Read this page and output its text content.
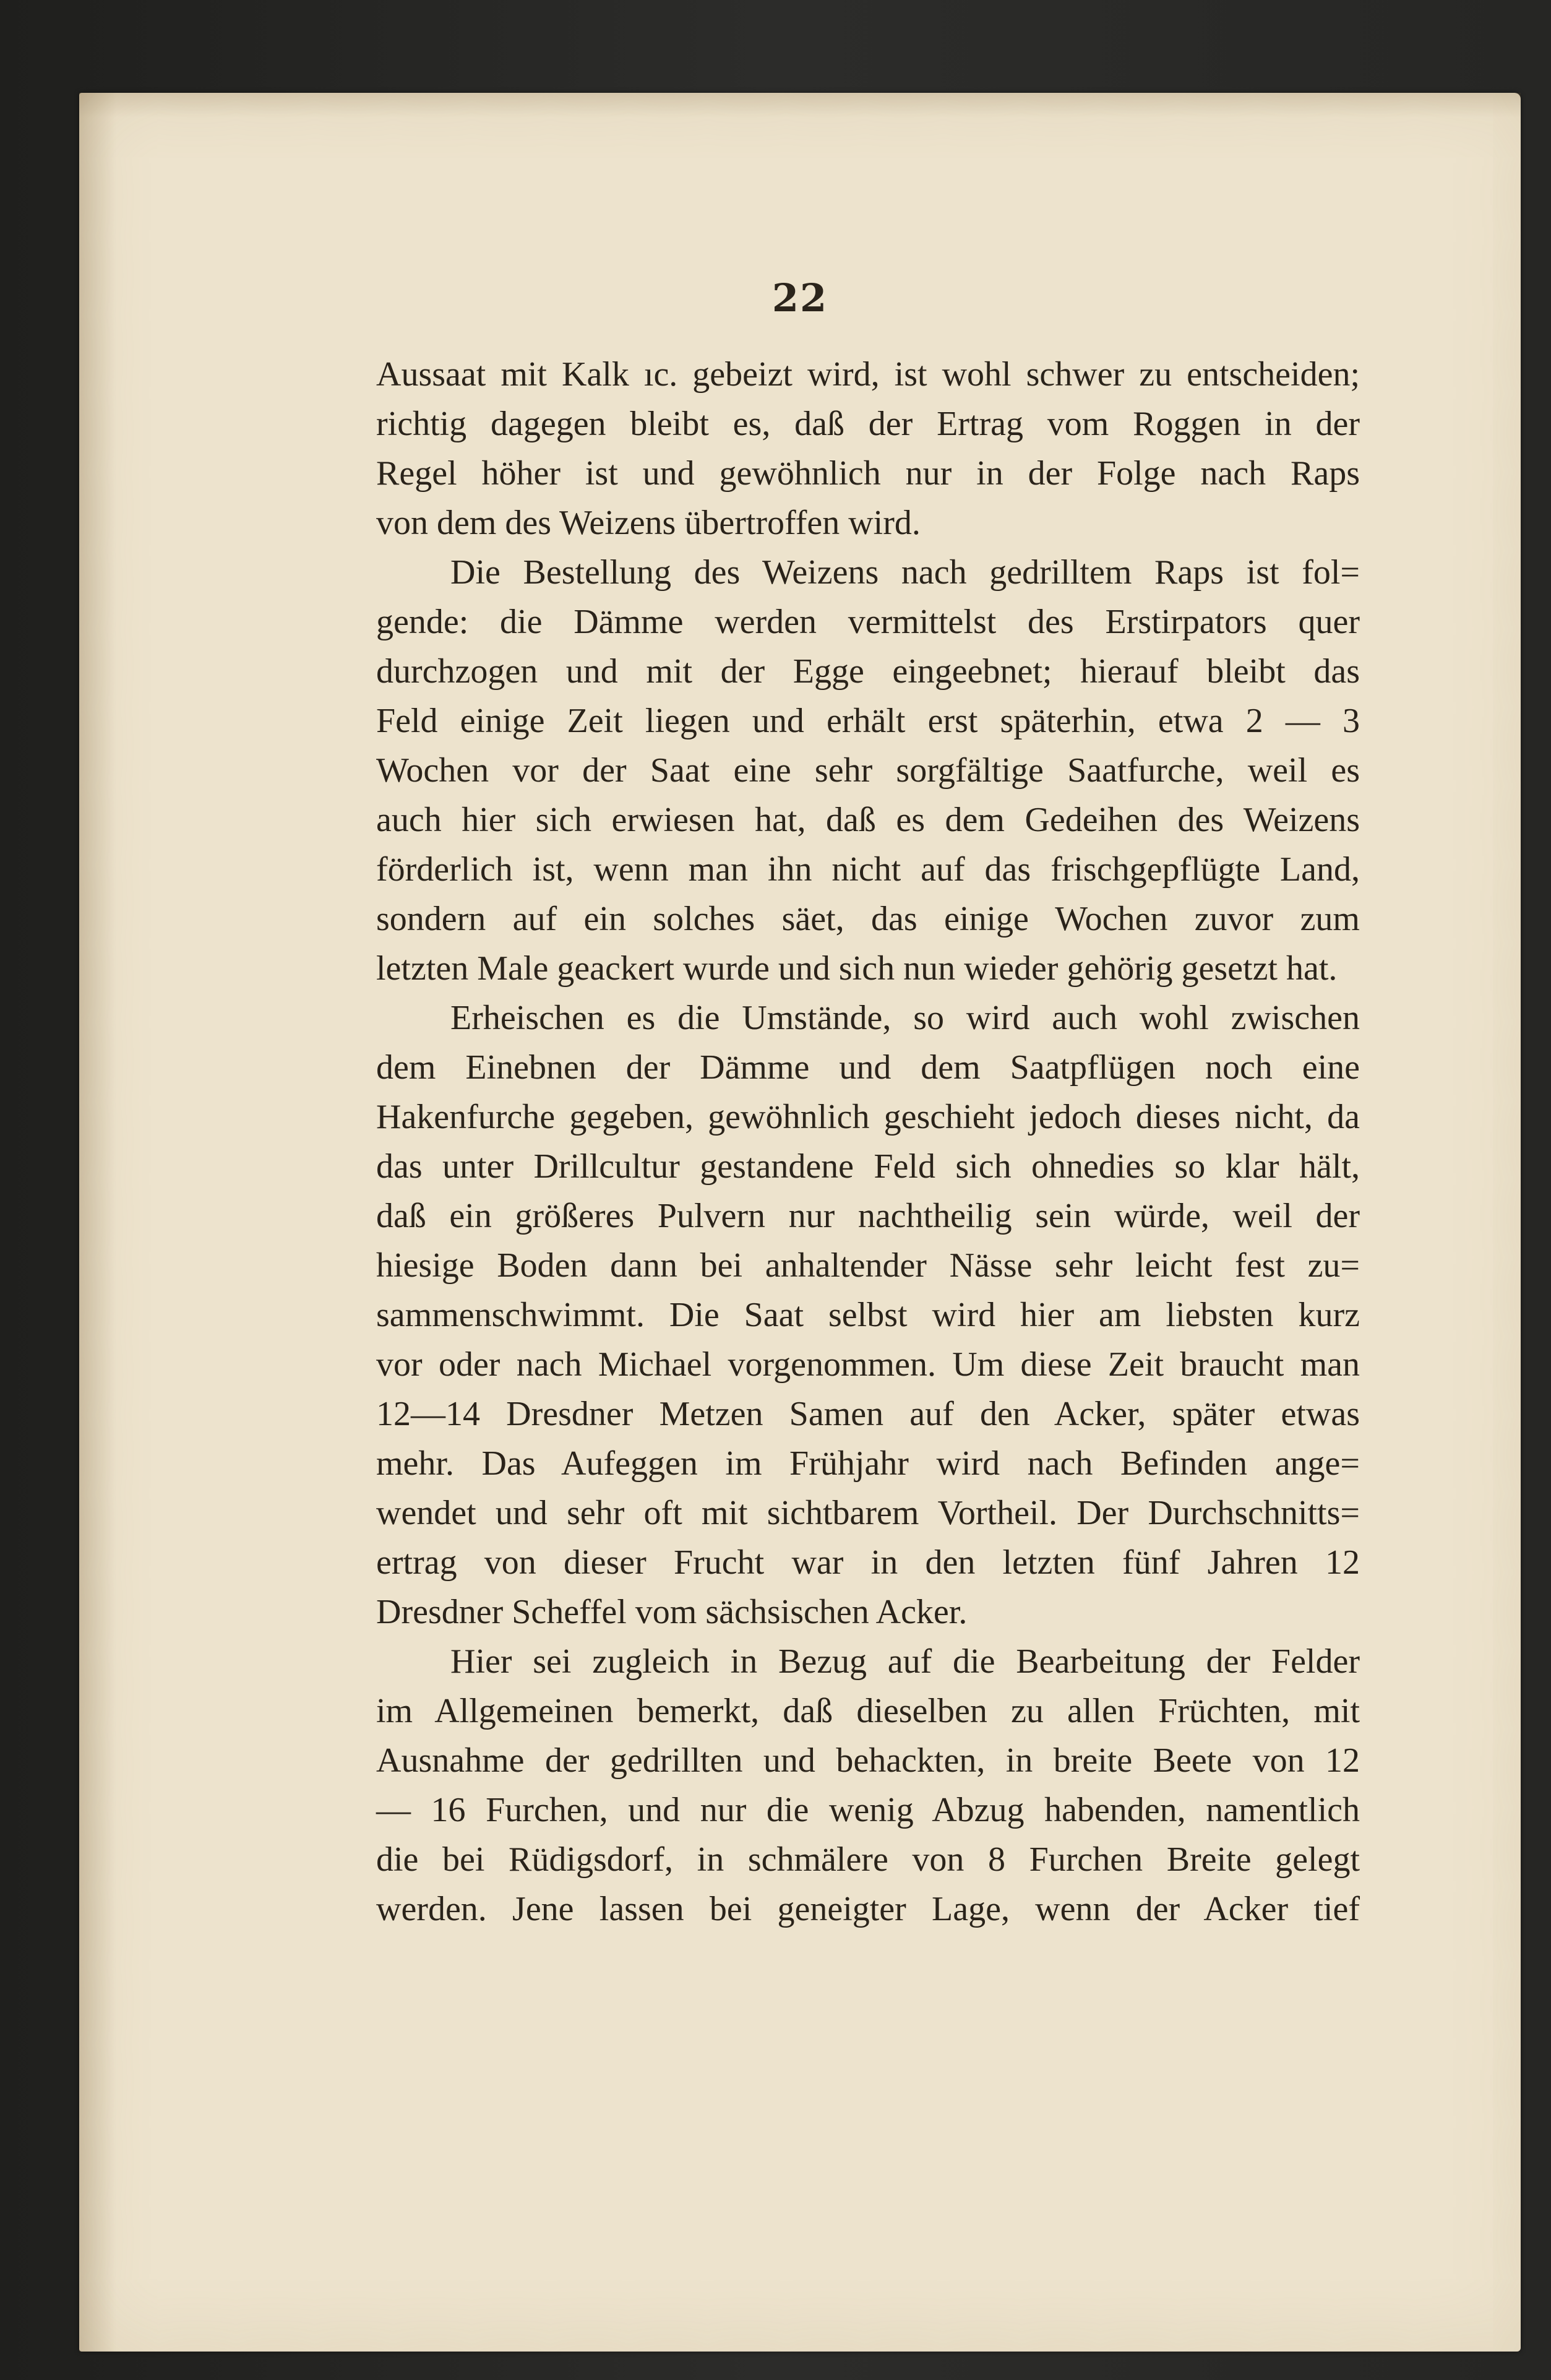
22
Aussaat mit Kalk ıc. gebeizt wird, ist wohl schwer zu entscheiden;
richtig dagegen bleibt es, daß der Ertrag vom Roggen in der
Regel höher ist und gewöhnlich nur in der Folge nach Raps
von dem des Weizens übertroffen wird.
Die Bestellung des Weizens nach gedrilltem Raps ist fol=
gende: die Dämme werden vermittelst des Erstirpators quer
durchzogen und mit der Egge eingeebnet; hierauf bleibt das
Feld einige Zeit liegen und erhält erst späterhin, etwa 2 — 3
Wochen vor der Saat eine sehr sorgfältige Saatfurche, weil es
auch hier sich erwiesen hat, daß es dem Gedeihen des Weizens
förderlich ist, wenn man ihn nicht auf das frischgepflügte Land,
sondern auf ein solches säet, das einige Wochen zuvor zum
letzten Male geackert wurde und sich nun wieder gehörig gesetzt hat.
Erheischen es die Umstände, so wird auch wohl zwischen
dem Einebnen der Dämme und dem Saatpflügen noch eine
Hakenfurche gegeben, gewöhnlich geschieht jedoch dieses nicht, da
das unter Drillcultur gestandene Feld sich ohnedies so klar hält,
daß ein größeres Pulvern nur nachtheilig sein würde, weil der
hiesige Boden dann bei anhaltender Nässe sehr leicht fest zu=
sammenschwimmt. Die Saat selbst wird hier am liebsten kurz
vor oder nach Michael vorgenommen. Um diese Zeit braucht man
12—14 Dresdner Metzen Samen auf den Acker, später etwas
mehr. Das Aufeggen im Frühjahr wird nach Befinden ange=
wendet und sehr oft mit sichtbarem Vortheil. Der Durchschnitts=
ertrag von dieser Frucht war in den letzten fünf Jahren 12
Dresdner Scheffel vom sächsischen Acker.
Hier sei zugleich in Bezug auf die Bearbeitung der Felder
im Allgemeinen bemerkt, daß dieselben zu allen Früchten, mit
Ausnahme der gedrillten und behackten, in breite Beete von 12
— 16 Furchen, und nur die wenig Abzug habenden, namentlich
die bei Rüdigsdorf, in schmälere von 8 Furchen Breite gelegt
werden. Jene lassen bei geneigter Lage, wenn der Acker tief
